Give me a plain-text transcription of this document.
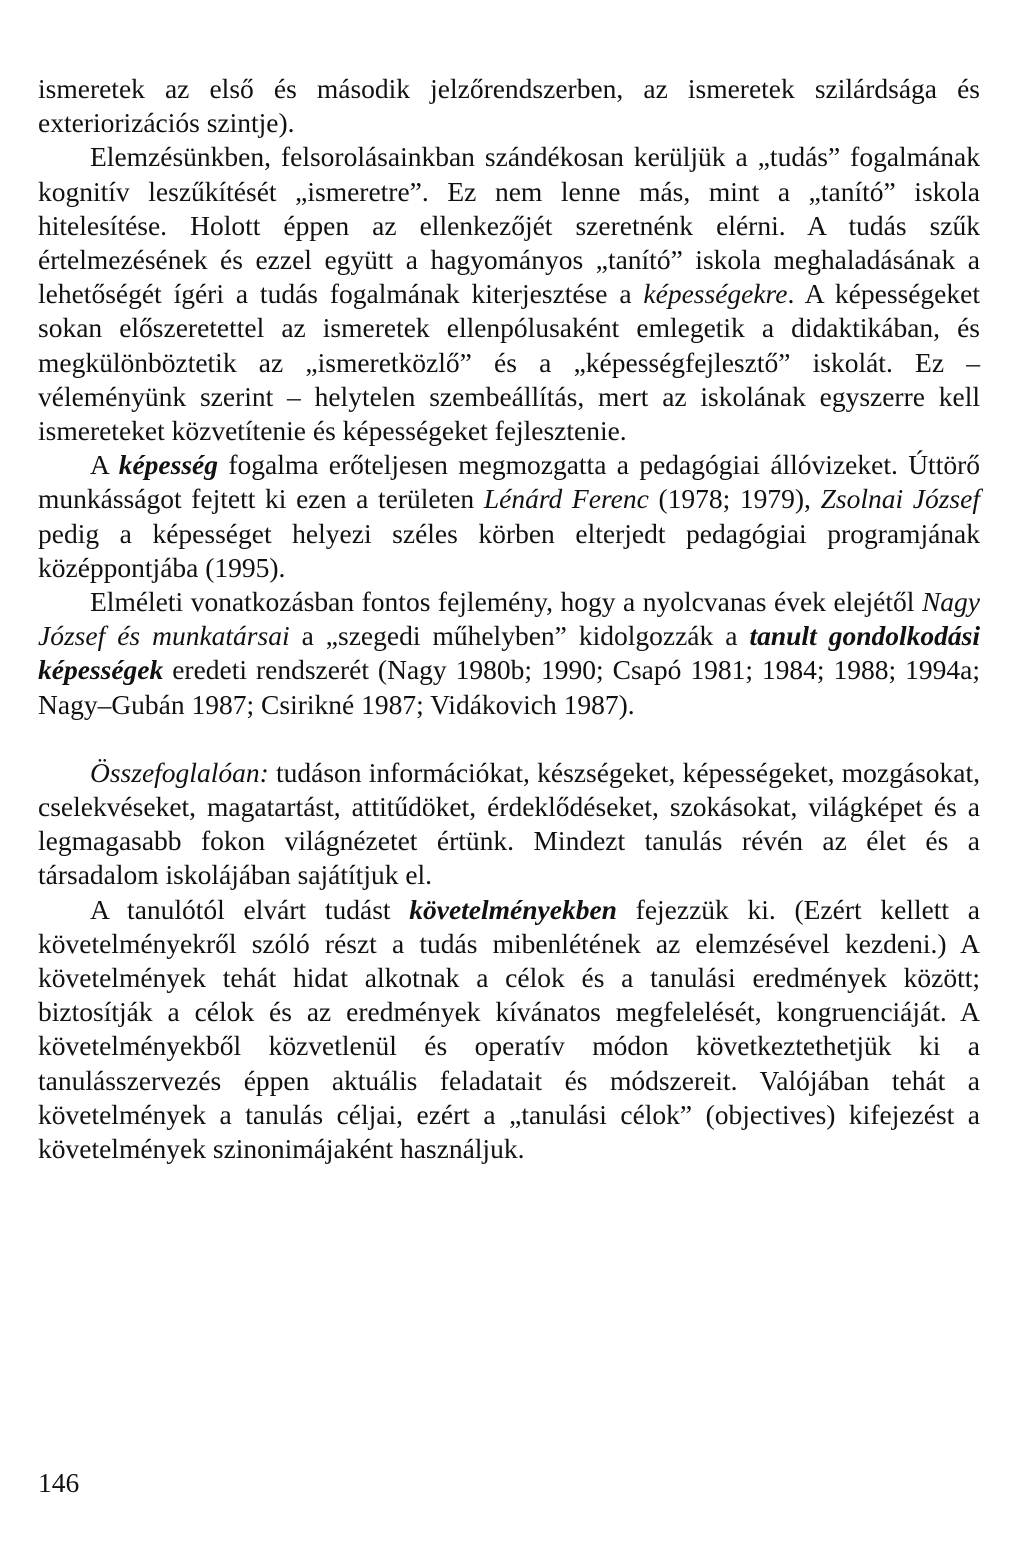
ismeretek az első és második jelzőrendszerben, az ismeretek szilárdsága és exteriorizációs szintje).

Elemzésünkben, felsorolásainkban szándékosan kerüljük a „tudás” fogalmának kognitív leszűkítését „ismeretre”. Ez nem lenne más, mint a „tanító” iskola hitelesítése. Holott éppen az ellenkezőjét szeretnénk elérni. A tudás szűk értelmezésének és ezzel együtt a hagyományos „tanító” iskola meghaladásának a lehetőségét ígéri a tudás fogalmának kiterjesztése a képességekre. A képességeket sokan előszeretettel az ismeretek ellenpólusaként emlegetik a didaktikában, és megkülönböztetik az „ismeretközlő” és a „képességfejlesztő” iskolát. Ez – véleményünk szerint – helytelen szembeállítás, mert az iskolának egyszerre kell ismereteket közvetítenie és képességeket fejlesztenie.

A képesség fogalma erőteljesen megmozgatta a pedagógiai állóvizeket. Úttörő munkásságot fejtett ki ezen a területen Lénárd Ferenc (1978; 1979), Zsolnai József pedig a képességet helyezi széles körben elterjedt pedagógiai programjának középpontjába (1995).

Elméleti vonatkozásban fontos fejlemény, hogy a nyolcvanas évek elejétől Nagy József és munkatársai a „szegedi műhelyben” kidolgozzák a tanult gondolkodási képességek eredeti rendszerét (Nagy 1980b; 1990; Csapó 1981; 1984; 1988; 1994a; Nagy–Gubán 1987; Csirikné 1987; Vidákovich 1987).

Összefoglalóan: tudáson információkat, készségeket, képességeket, mozgásokat, cselekvéseket, magatartást, attitűdöket, érdeklődéseket, szokásokat, világképet és a legmagasabb fokon világnézetet értünk. Mindezt tanulás révén az élet és a társadalom iskolájában sajátítjuk el.

A tanulótól elvárt tudást követelményekben fejezzük ki. (Ezért kellett a követelményekről szóló részt a tudás mibenlétének az elemzésével kezdeni.) A követelmények tehát hidat alkotnak a célok és a tanulási eredmények között; biztosítják a célok és az eredmények kívánatos megfelelését, kongruenciáját. A követelményekből közvetlenül és operatív módon következtethetjük ki a tanulásszervezés éppen aktuális feladatait és módszereit. Valójában tehát a követelmények a tanulás céljai, ezért a „tanulási célok” (objectives) kifejezést a követelmények szinonimájaként használjuk.

146
